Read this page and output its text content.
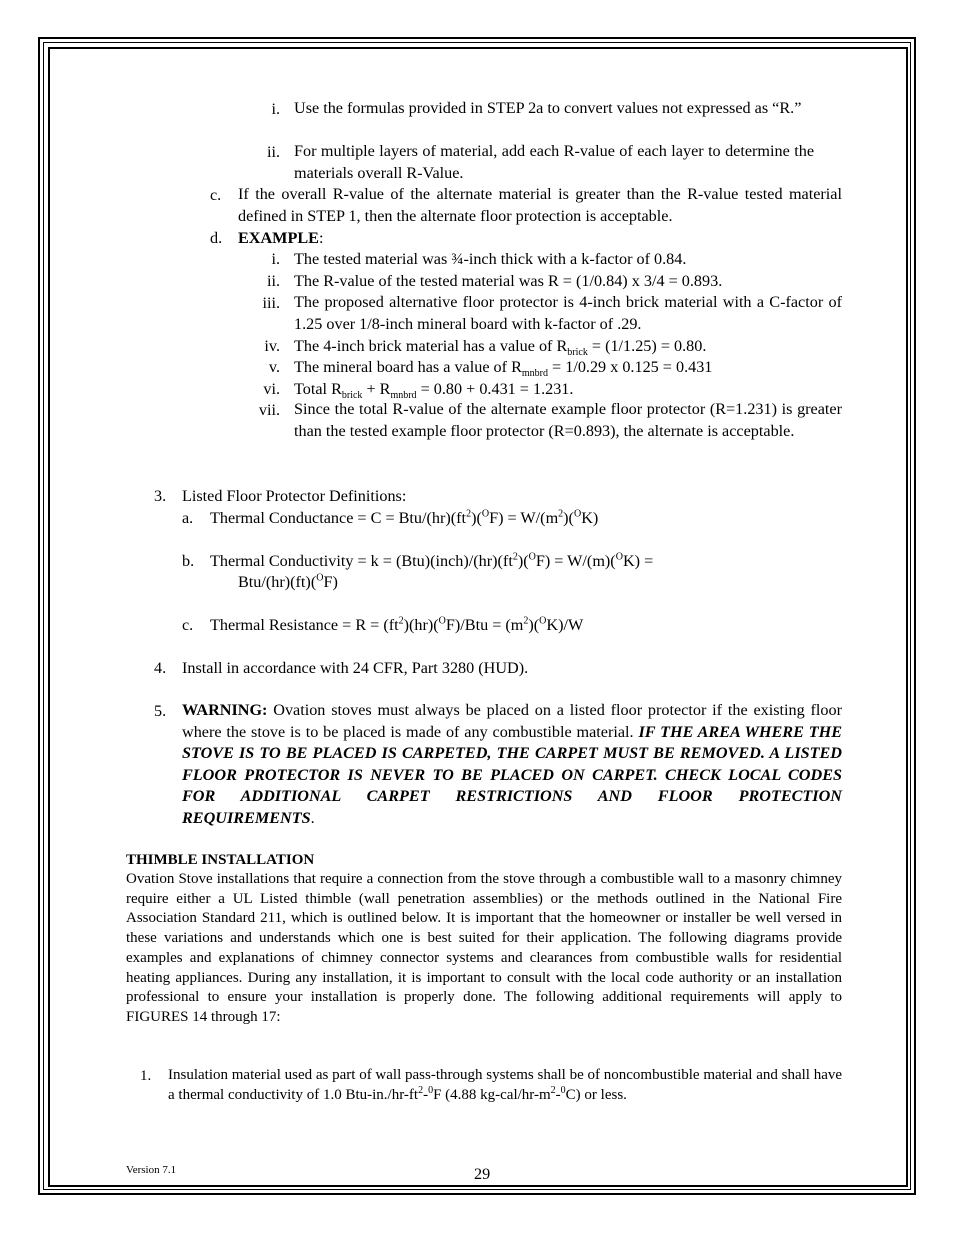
i. Use the formulas provided in STEP 2a to convert values not expressed as “R.”
ii. For multiple layers of material, add each R-value of each layer to determine the materials overall R-Value.
c. If the overall R-value of the alternate material is greater than the R-value tested material defined in STEP 1, then the alternate floor protection is acceptable.
d. EXAMPLE:
i. The tested material was ¾-inch thick with a k-factor of 0.84.
ii. The R-value of the tested material was R = (1/0.84) x 3/4 = 0.893.
iii. The proposed alternative floor protector is 4-inch brick material with a C-factor of 1.25 over 1/8-inch mineral board with k-factor of .29.
iv. The 4-inch brick material has a value of $R_{brick} = (1/1.25) = 0.80$.
v. The mineral board has a value of $R_{mnbrd} = 1/0.29$ x 0.125 = 0.431
vi. Total $R_{brick} + R_{mnbrd} = 0.80 + 0.431 = 1.231$.
vii. Since the total R-value of the alternate example floor protector (R=1.231) is greater than the tested example floor protector (R=0.893), the alternate is acceptable.
3. Listed Floor Protector Definitions:
a. Thermal Conductance = C = Btu/$(hr)(ft^2)(^OF) = W/(m^2)(^OK)$
b. Thermal Conductivity = $k = (Btu)(inch)/(hr)(ft^2)(^OF) = W/(m)(^OK)$ =
Btu/(hr)(ft)($^O$F)
c. Thermal Resistance = $R = (ft^2)(hr)(^OF)$/Btu = $(m^2)(^OK)/W$
4. Install in accordance with 24 CFR, Part 3280 (HUD).
5. WARNING: Ovation stoves must always be placed on a listed floor protector if the existing floor where the stove is to be placed is made of any combustible material. IF THE AREA WHERE THE STOVE IS TO BE PLACED IS CARPETED, THE CARPET MUST BE REMOVED. A LISTED FLOOR PROTECTOR IS NEVER TO BE PLACED ON CARPET. CHECK LOCAL CODES FOR ADDITIONAL CARPET RESTRICTIONS AND FLOOR PROTECTION REQUIREMENTS.
THIMBLE INSTALLATION
Ovation Stove installations that require a connection from the stove through a combustible wall to a masonry chimney require either a UL Listed thimble (wall penetration assemblies) or the methods outlined in the National Fire Association Standard 211, which is outlined below. It is important that the homeowner or installer be well versed in these variations and understands which one is best suited for their application. The following diagrams provide examples and explanations of chimney connector systems and clearances from combustible walls for residential heating appliances. During any installation, it is important to consult with the local code authority or an installation professional to ensure your installation is properly done. The following additional requirements will apply to FIGURES 14 through 17:
1. Insulation material used as part of wall pass-through systems shall be of noncombustible material and shall have a thermal conductivity of 1.0 Btu-$in./hr-ft^2-^0F$ (4.88 $kg-cal/hr-m^2-^0C$) or less.
Version 7.1	29
